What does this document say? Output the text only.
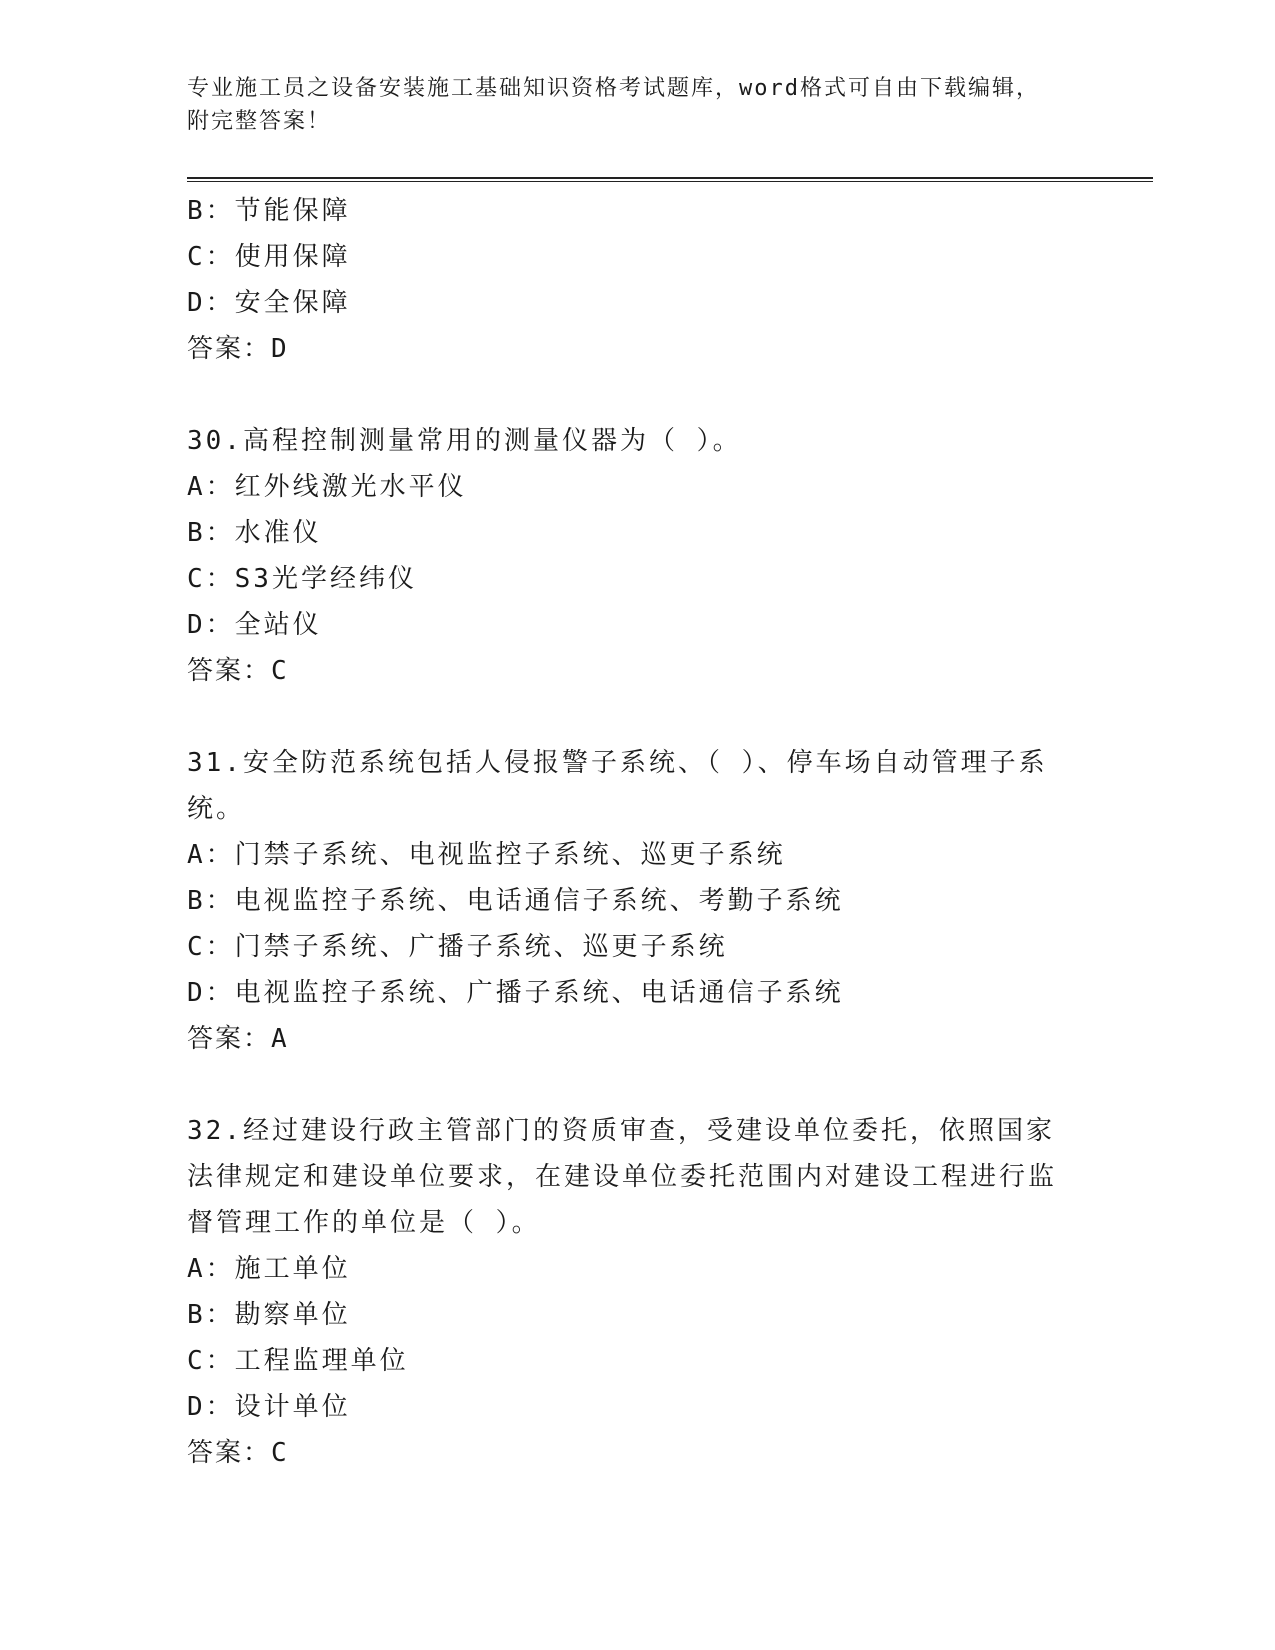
专业施工员之设备安装施工基础知识资格考试题库，word格式可自由下载编辑，
附完整答案！
B：节能保障
C：使用保障
D：安全保障
答案：D
30.高程控制测量常用的测量仪器为（ ）。
A：红外线激光水平仪
B：水准仪
C：S3光学经纬仪
D：全站仪
答案：C
31.安全防范系统包括人侵报警子系统、（ ）、停车场自动管理子系统。
A：门禁子系统、电视监控子系统、巡更子系统
B：电视监控子系统、电话通信子系统、考勤子系统
C：门禁子系统、广播子系统、巡更子系统
D：电视监控子系统、广播子系统、电话通信子系统
答案：A
32.经过建设行政主管部门的资质审查，受建设单位委托，依照国家法律规定和建设单位要求，在建设单位委托范围内对建设工程进行监督管理工作的单位是（ ）。
A：施工单位
B：勘察单位
C：工程监理单位
D：设计单位
答案：C
